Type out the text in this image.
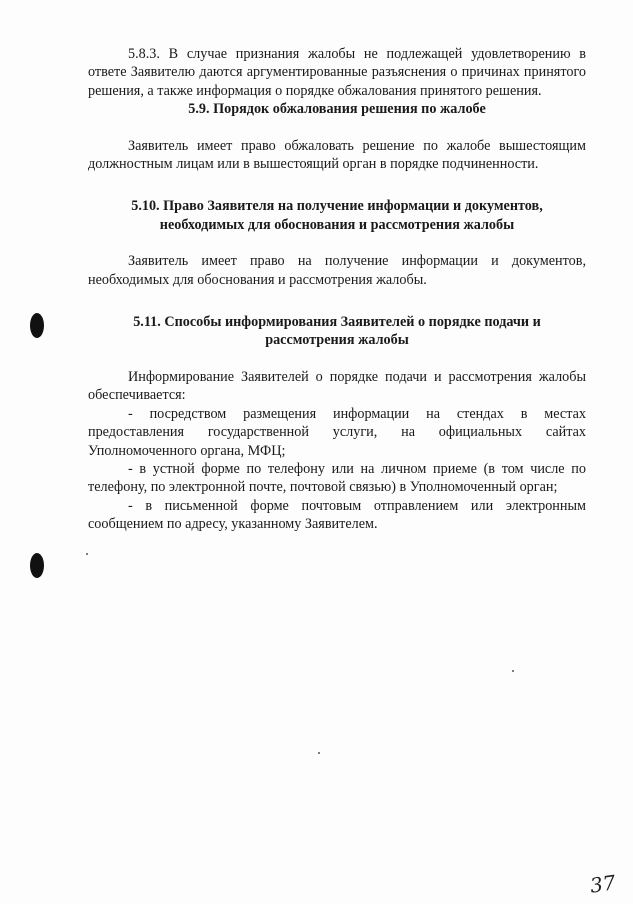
5.8.3. В случае признания жалобы не подлежащей удовлетворению в ответе Заявителю даются аргументированные разъяснения о причинах принятого решения, а также информация о порядке обжалования принятого решения.

5.9. Порядок обжалования решения по жалобе

Заявитель имеет право обжаловать решение по жалобе вышестоящим должностным лицам или в вышестоящий орган в порядке подчиненности.

5.10. Право Заявителя на получение информации и документов,
необходимых для обоснования и рассмотрения жалобы

Заявитель имеет право на получение информации и документов, необходимых для обоснования и рассмотрения жалобы.

5.11. Способы информирования Заявителей о порядке подачи и
рассмотрения жалобы

Информирование Заявителей о порядке подачи и рассмотрения жалобы обеспечивается:

- посредством размещения информации на стендах в местах предоставления государственной услуги, на официальных сайтах Уполномоченного органа, МФЦ;

- в устной форме по телефону или на личном приеме (в том числе по телефону, по электронной почте, почтовой связью) в Уполномоченный орган;

- в письменной форме почтовым отправлением или электронным сообщением по адресу, указанному Заявителем.

37
